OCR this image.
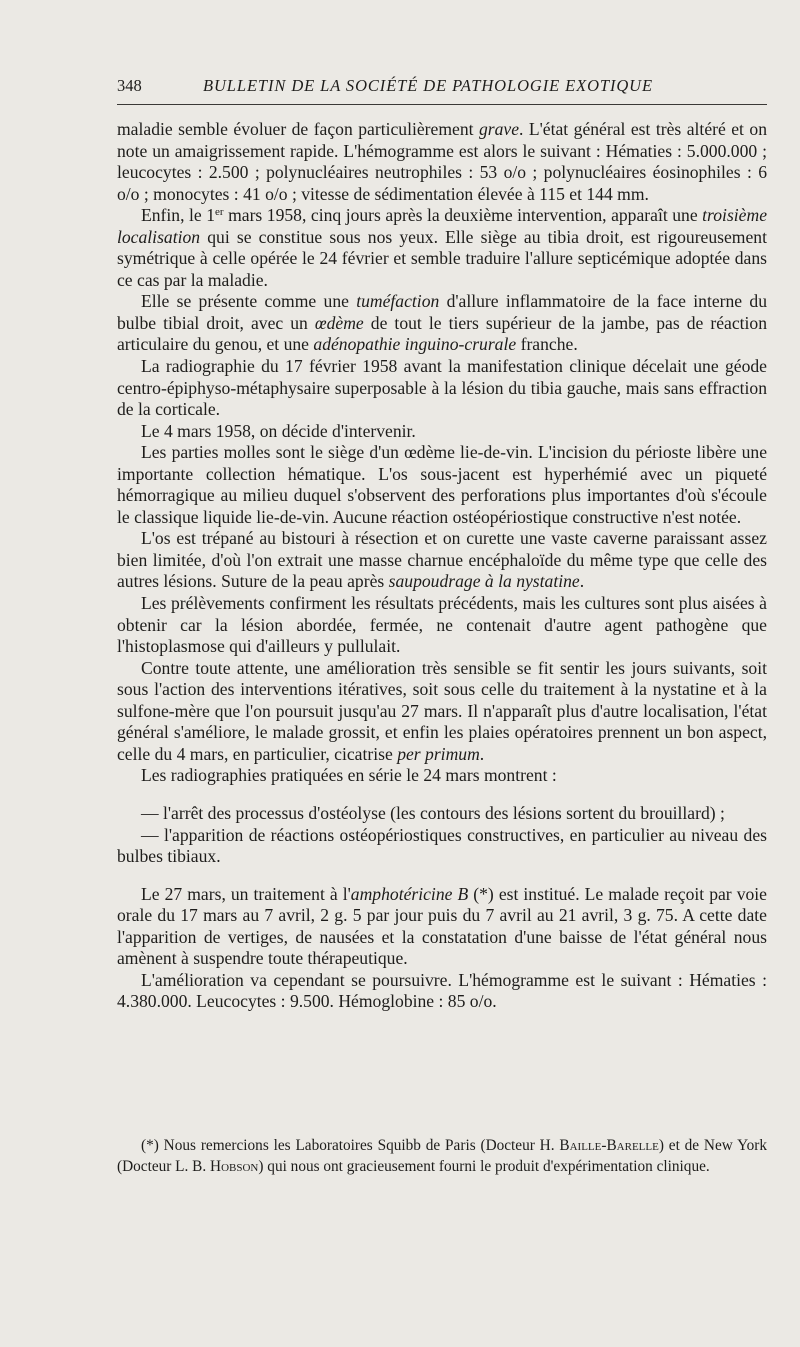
348	BULLETIN DE LA SOCIÉTÉ DE PATHOLOGIE EXOTIQUE

maladie semble évoluer de façon particulièrement grave. L'état général est très altéré et on note un amaigrissement rapide. L'hémogramme est alors le suivant : Hématies : 5.000.000 ; leucocytes : 2.500 ; polynucléaires neutrophiles : 53 o/o ; polynucléaires éosinophiles : 6 o/o ; monocytes : 41 o/o ; vitesse de sédimentation élevée à 115 et 144 mm.

Enfin, le 1er mars 1958, cinq jours après la deuxième intervention, apparaît une troisième localisation qui se constitue sous nos yeux. Elle siège au tibia droit, est rigoureusement symétrique à celle opérée le 24 février et semble traduire l'allure septicémique adoptée dans ce cas par la maladie.

Elle se présente comme une tuméfaction d'allure inflammatoire de la face interne du bulbe tibial droit, avec un œdème de tout le tiers supérieur de la jambe, pas de réaction articulaire du genou, et une adénopathie inguino-crurale franche.

La radiographie du 17 février 1958 avant la manifestation clinique décelait une géode centro-épiphyso-métaphysaire superposable à la lésion du tibia gauche, mais sans effraction de la corticale.

Le 4 mars 1958, on décide d'intervenir.

Les parties molles sont le siège d'un œdème lie-de-vin. L'incision du périoste libère une importante collection hématique. L'os sous-jacent est hyperhémié avec un piqueté hémorragique au milieu duquel s'observent des perforations plus importantes d'où s'écoule le classique liquide lie-de-vin. Aucune réaction ostéopériostique constructive n'est notée.

L'os est trépané au bistouri à résection et on curette une vaste caverne paraissant assez bien limitée, d'où l'on extrait une masse charnue encéphaloïde du même type que celle des autres lésions. Suture de la peau après saupoudrage à la nystatine.

Les prélèvements confirment les résultats précédents, mais les cultures sont plus aisées à obtenir car la lésion abordée, fermée, ne contenait d'autre agent pathogène que l'histoplasmose qui d'ailleurs y pullulait.

Contre toute attente, une amélioration très sensible se fit sentir les jours suivants, soit sous l'action des interventions itératives, soit sous celle du traitement à la nystatine et à la sulfone-mère que l'on poursuit jusqu'au 27 mars. Il n'apparaît plus d'autre localisation, l'état général s'améliore, le malade grossit, et enfin les plaies opératoires prennent un bon aspect, celle du 4 mars, en particulier, cicatrise per primum.

Les radiographies pratiquées en série le 24 mars montrent :

— l'arrêt des processus d'ostéolyse (les contours des lésions sortent du brouillard) ;

— l'apparition de réactions ostéopériostiques constructives, en particulier au niveau des bulbes tibiaux.

Le 27 mars, un traitement à l'amphotéricine B (*) est institué. Le malade reçoit par voie orale du 17 mars au 7 avril, 2 g. 5 par jour puis du 7 avril au 21 avril, 3 g. 75. A cette date l'apparition de vertiges, de nausées et la constatation d'une baisse de l'état général nous amènent à suspendre toute thérapeutique.

L'amélioration va cependant se poursuivre. L'hémogramme est le suivant : Hématies : 4.380.000. Leucocytes : 9.500. Hémoglobine : 85 o/o.

(*) Nous remercions les Laboratoires Squibb de Paris (Docteur H. Baille-Barelle) et de New York (Docteur L. B. Hobson) qui nous ont gracieusement fourni le produit d'expérimentation clinique.
